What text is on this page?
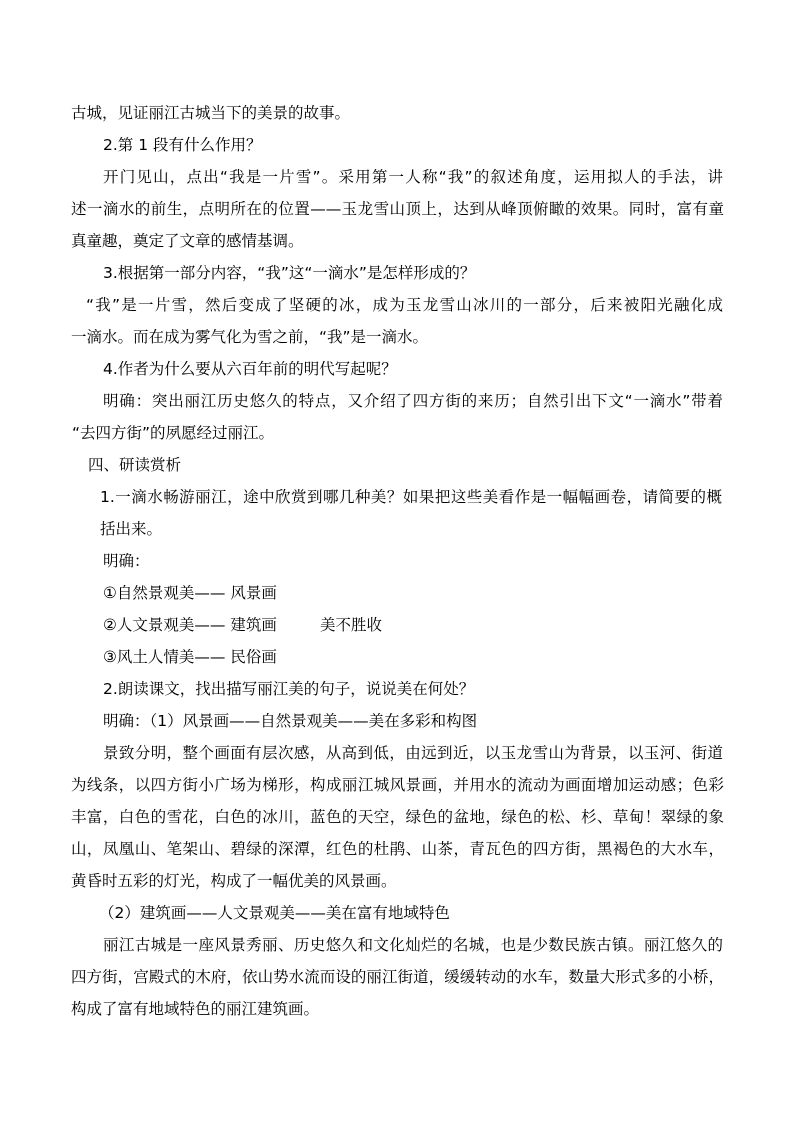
古城，见证丽江古城当下的美景的故事。

2.第 1 段有什么作用？

开门见山，点出“我是一片雪”。采用第一人称“我”的叙述角度，运用拟人的手法，讲

述一滴水的前生，点明所在的位置——玉龙雪山顶上，达到从峰顶俯瞰的效果。同时，富有童

真童趣，奠定了文章的感情基调。

3.根据第一部分内容，“我”这“一滴水”是怎样形成的？

“我”是一片雪，然后变成了坚硬的冰，成为玉龙雪山冰川的一部分，后来被阳光融化成

一滴水。而在成为雾气化为雪之前，“我”是一滴水。

4.作者为什么要从六百年前的明代写起呢？

明确：突出丽江历史悠久的特点，又介绍了四方街的来历；自然引出下文“一滴水”带着

“去四方街”的夙愿经过丽江。

四、研读赏析

1.一滴水畅游丽江，途中欣赏到哪几种美？如果把这些美看作是一幅幅画卷，请简要的概

括出来。

明确：

①自然景观美—— 风景画

②人文景观美—— 建筑画	美不胜收

③风土人情美—— 民俗画

2.朗读课文，找出描写丽江美的句子，说说美在何处？

明确：（1）风景画——自然景观美——美在多彩和构图

景致分明，整个画面有层次感，从高到低，由远到近，以玉龙雪山为背景，以玉河、街道

为线条，以四方街小广场为梯形，构成丽江城风景画，并用水的流动为画面增加运动感；色彩

丰富，白色的雪花，白色的冰川，蓝色的天空，绿色的盆地，绿色的松、杉、草甸！翠绿的象

山，凤凰山、笔架山、碧绿的深潭，红色的杜鹃、山茶，青瓦色的四方街，黑褐色的大水车，

黄昏时五彩的灯光，构成了一幅优美的风景画。

（2）建筑画——人文景观美——美在富有地域特色

丽江古城是一座风景秀丽、历史悠久和文化灿烂的名城，也是少数民族古镇。丽江悠久的

四方街，宫殿式的木府，依山势水流而设的丽江街道，缓缓转动的水车，数量大形式多的小桥，

构成了富有地域特色的丽江建筑画。
